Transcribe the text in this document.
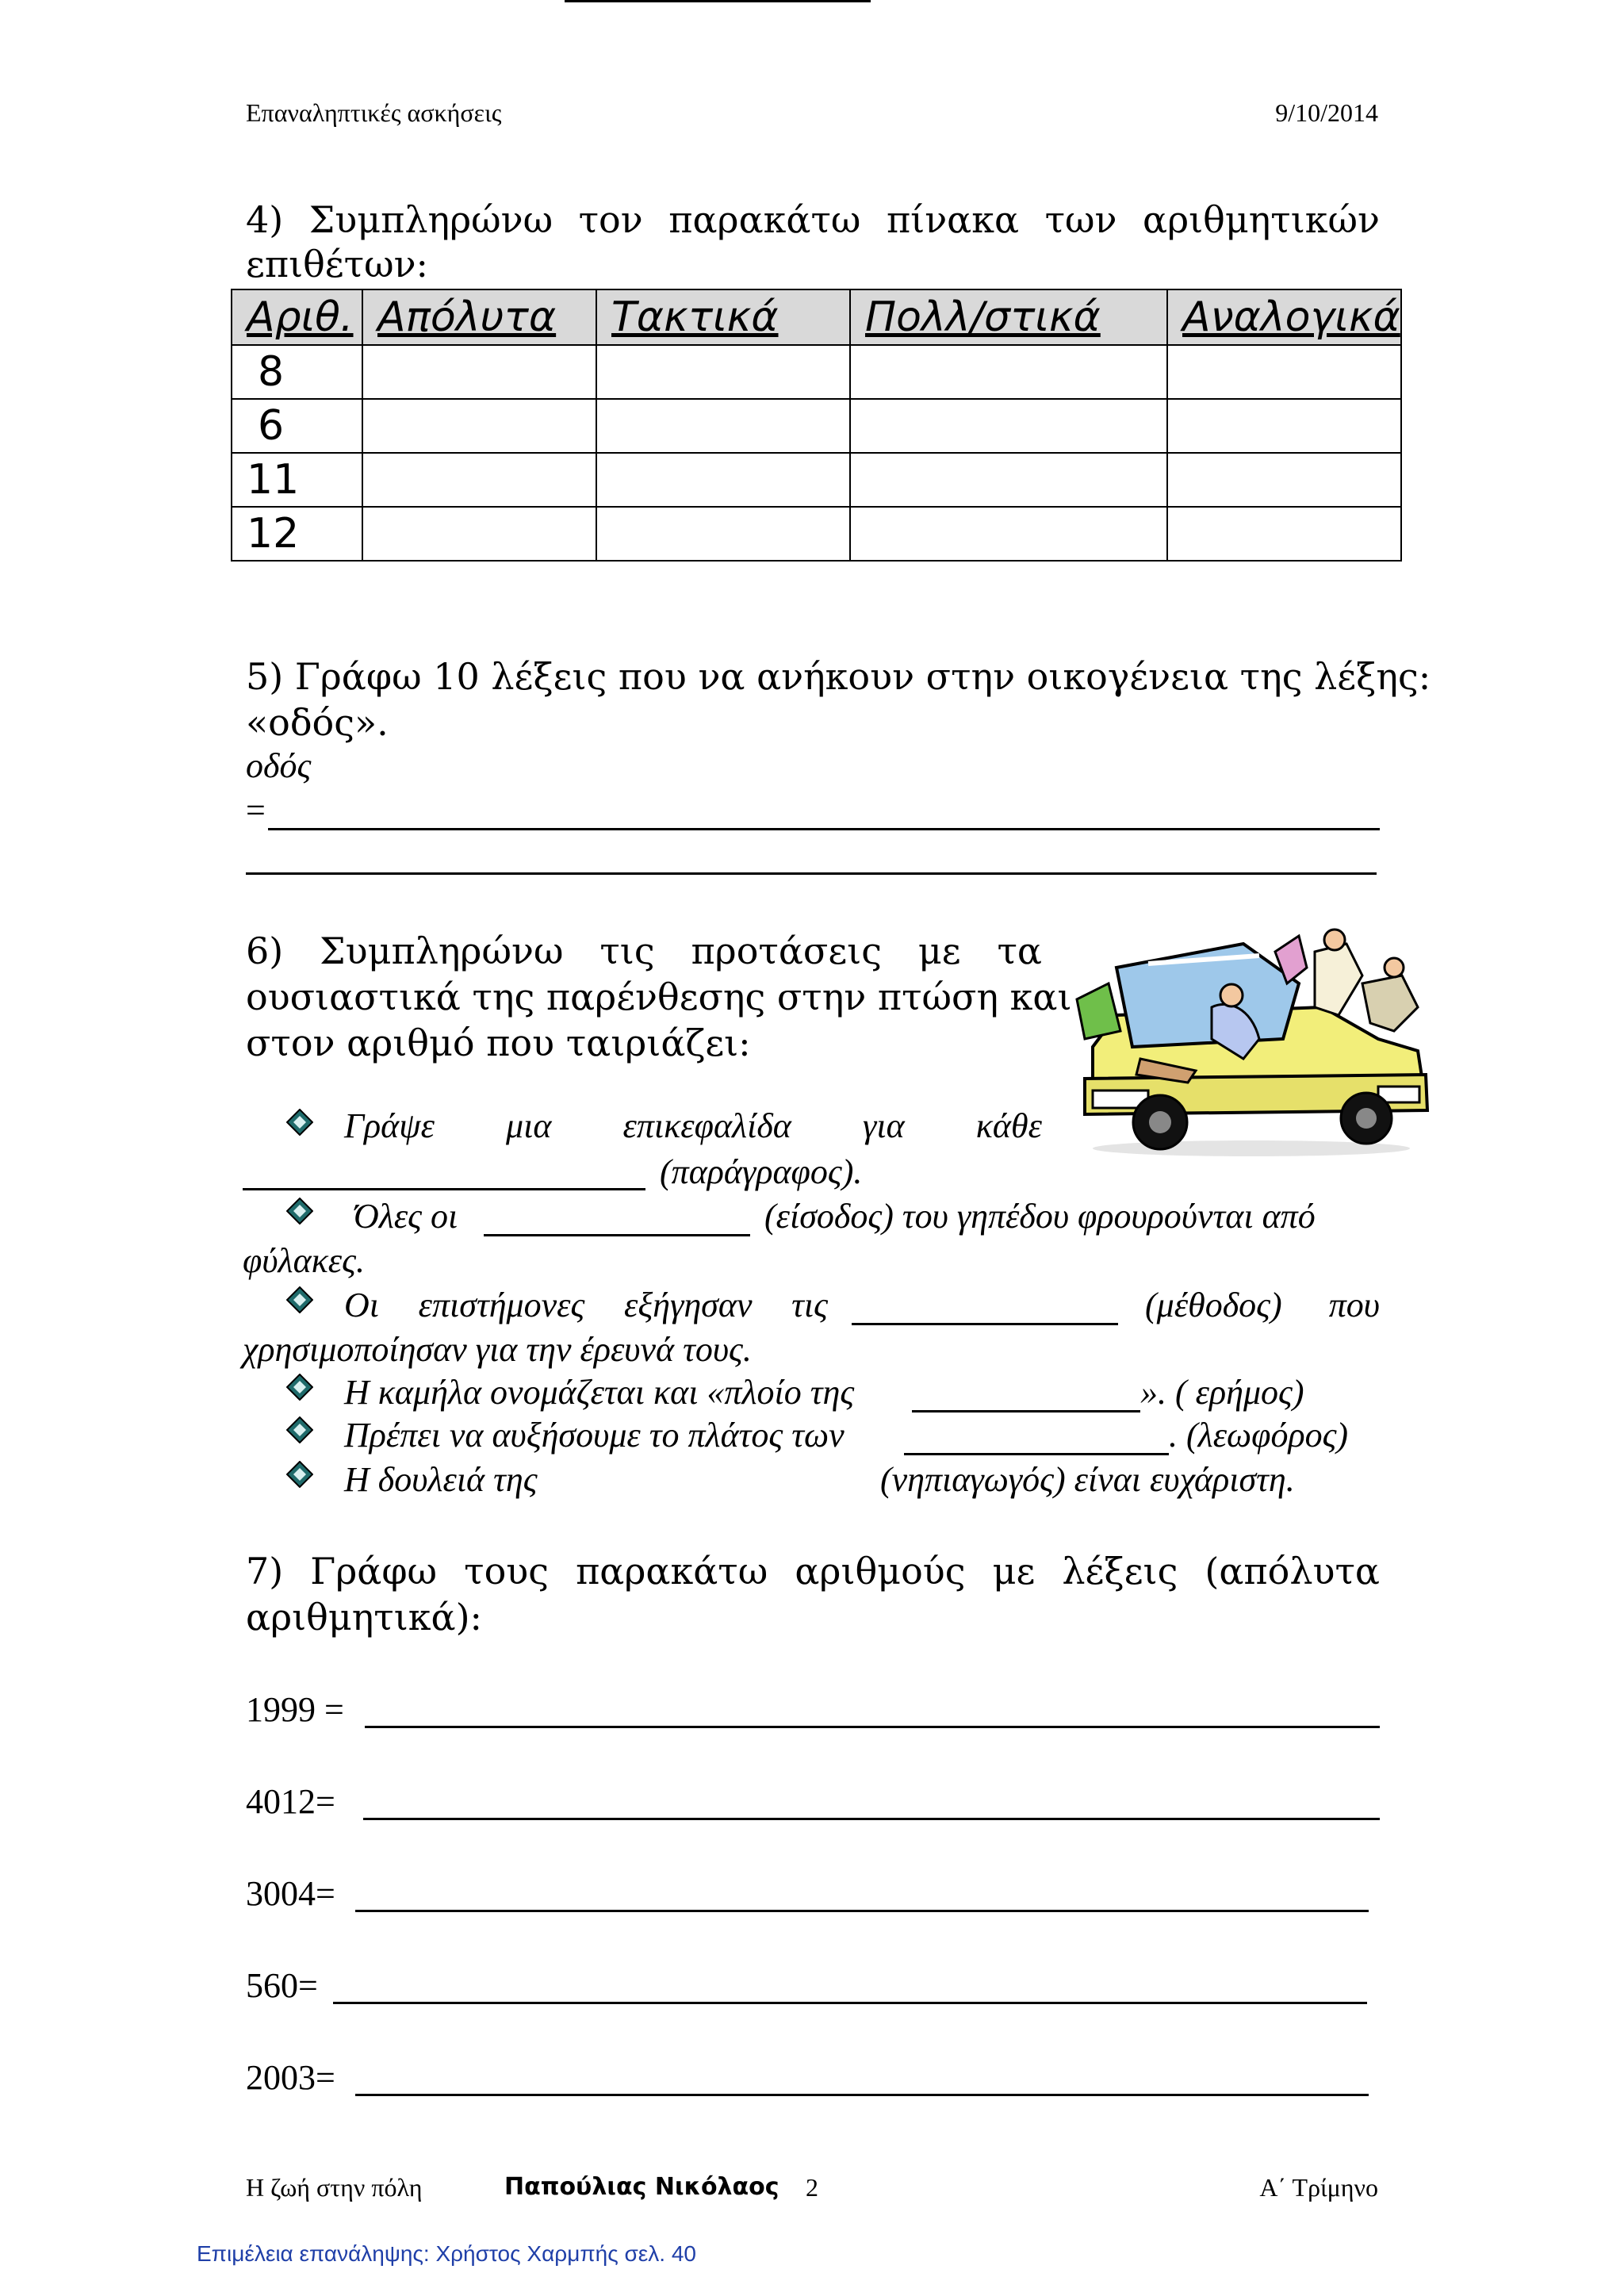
Επαναληπτικές ασκήσεις	9/10/2014
4) Συμπληρώνω τον παρακάτω πίνακα των αριθμητικών
επιθέτων:
Αριθ.	Απόλυτα	Τακτικά	Πολλ/στικά	Αναλογικά
8				
6				
11				
12				
5) Γράφω 10 λέξεις που να ανήκουν στην οικογένεια της λέξης:
«οδός».
οδός
=
6) Συμπληρώνω τις προτάσεις με τα
ουσιαστικά της παρένθεσης στην πτώση και
στον αριθμό που ταιριάζει:
Γράψε μια επικεφαλίδα για κάθε
(παράγραφος).
Όλες οι	(είσοδος) του γηπέδου φρουρούνται από
φύλακες.
Οι επιστήμονες εξήγησαν τις	(μέθοδος) που
χρησιμοποίησαν για την έρευνά τους.
Η καμήλα ονομάζεται και «πλοίο της	». ( ερήμος)
Πρέπει να αυξήσουμε το πλάτος των	. (λεωφόρος)
Η δουλειά της	(νηπιαγωγός) είναι ευχάριστη.
7) Γράφω τους παρακάτω αριθμούς με λέξεις (απόλυτα
αριθμητικά):
1999 =
4012=
3004=
560=
2003=
Η ζωή στην πόλη	Παπούλιας Νικόλαος 2	Α΄ Τρίμηνο
Επιμέλεια επανάληψης: Χρήστος Χαρμπής σελ. 40
